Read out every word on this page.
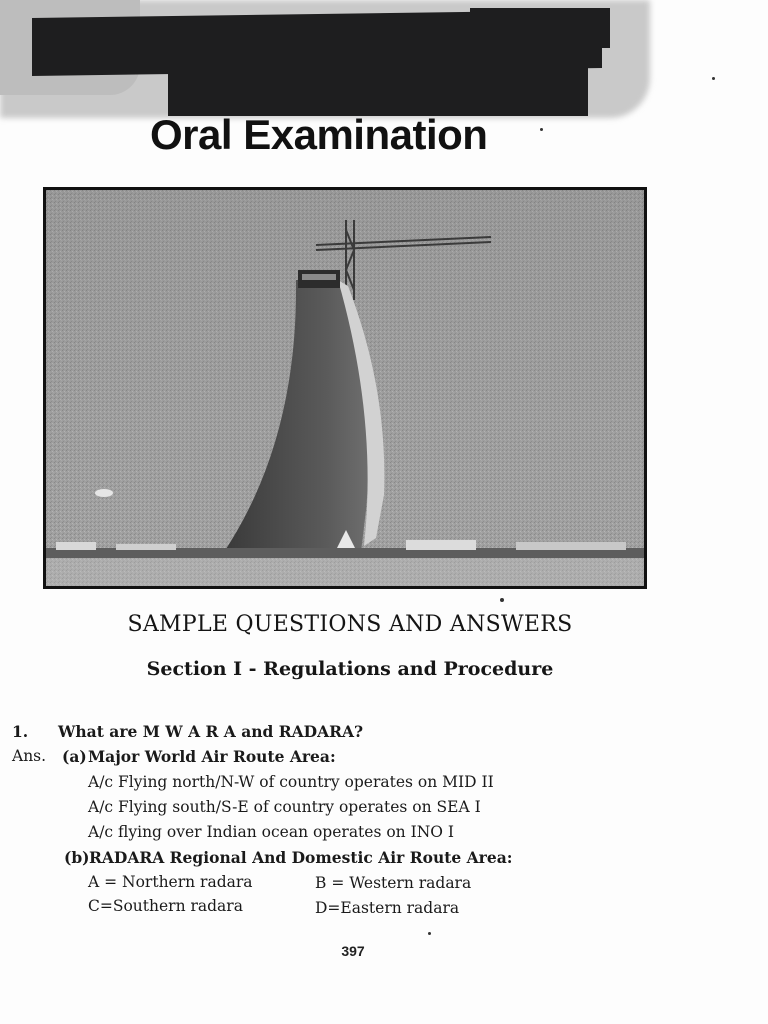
Oral Examination
SAMPLE QUESTIONS AND ANSWERS
Section I - Regulations and Procedure
1. What are M W A R A and RADARA?
Ans. (a) Major World Air Route Area:
A/c Flying north/N-W of country operates on MID II
A/c Flying south/S-E of country operates on SEA I
A/c flying over Indian ocean operates on INO I
(b) RADARA Regional And Domestic Air Route Area:
A = Northern radara	B = Western radara
C=Southern radara	D=Eastern radara
397
